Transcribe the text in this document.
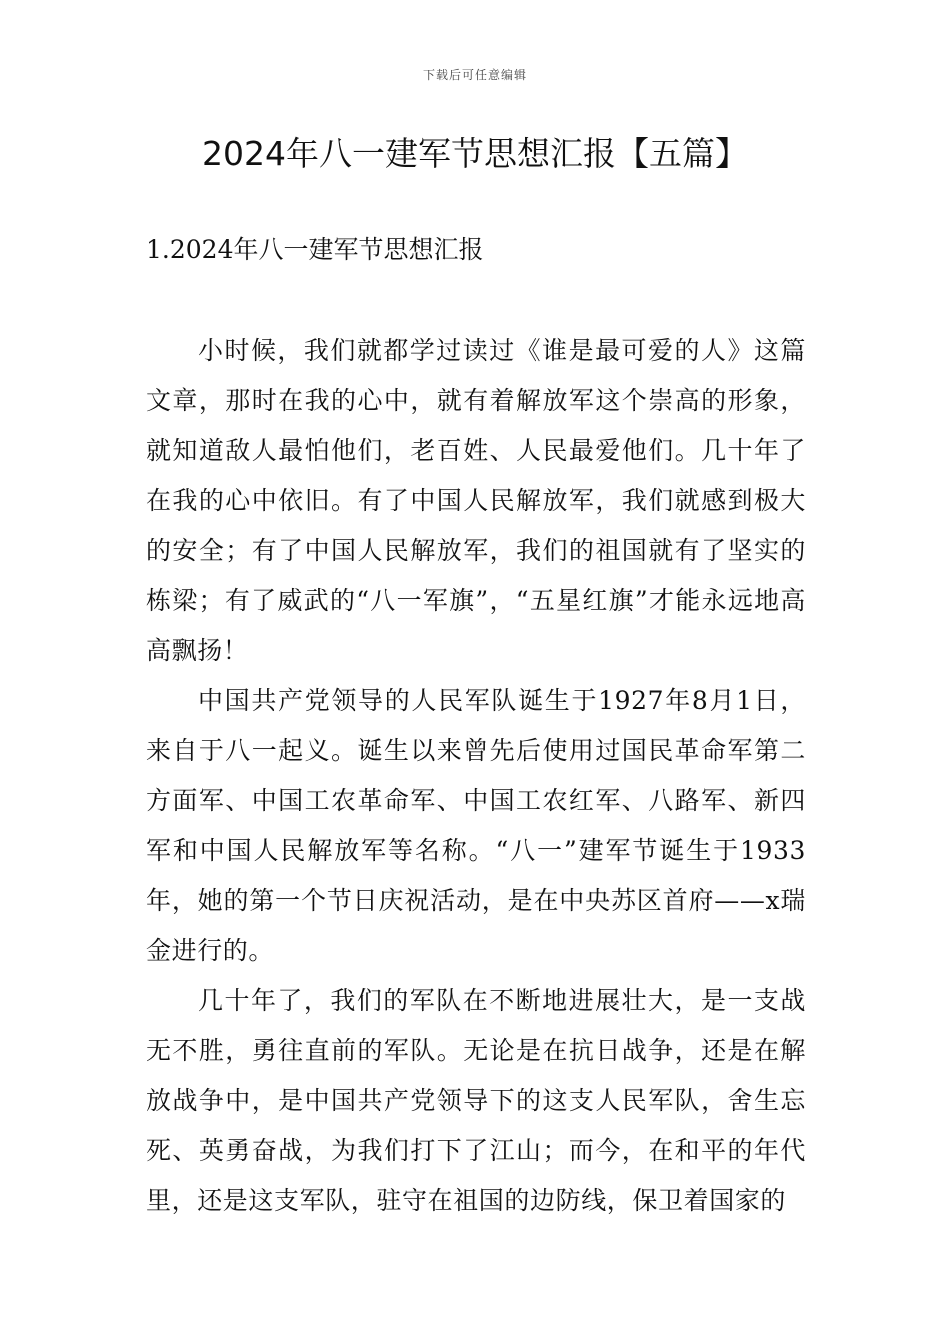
下载后可任意编辑
2024年八一建军节思想汇报【五篇】
1.2024年八一建军节思想汇报

小时候，我们就都学过读过《谁是最可爱的人》这篇文章，那时在我的心中，就有着解放军这个崇高的形象，就知道敌人最怕他们，老百姓、人民最爱他们。几十年了在我的心中依旧。有了中国人民解放军，我们就感到极大的安全；有了中国人民解放军，我们的祖国就有了坚实的栋梁；有了威武的“八一军旗”，“五星红旗”才能永远地高高飘扬！

中国共产党领导的人民军队诞生于1927年8月1日，来自于八一起义。诞生以来曾先后使用过国民革命军第二方面军、中国工农革命军、中国工农红军、八路军、新四军和中国人民解放军等名称。“八一”建军节诞生于1933年，她的第一个节日庆祝活动，是在中央苏区首府——x瑞金进行的。

几十年了，我们的军队在不断地进展壮大，是一支战无不胜，勇往直前的军队。无论是在抗日战争，还是在解放战争中，是中国共产党领导下的这支人民军队，舍生忘死、英勇奋战，为我们打下了江山；而今，在和平的年代里，还是这支军队，驻守在祖国的边防线，保卫着国家的
